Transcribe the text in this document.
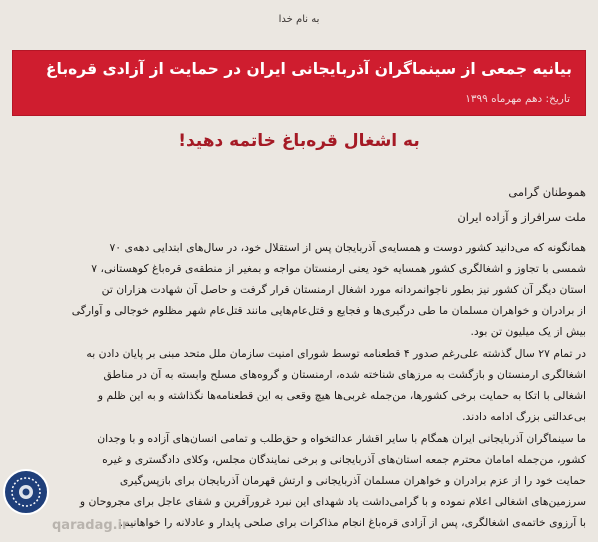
به نام خدا
بیانیه جمعی از سینماگران آذربایجانی ایران در حمایت از آزادی قره‌باغ
تاریخ: دهم مهرماه ۱۳۹۹
به اشغال قره‌باغ خاتمه دهید!
هموطنان گرامی
ملت سرافراز و آزاده ایران
همانگونه که می‌دانید کشور دوست و همسایه‌ی آذربایجان پس از استقلال خود، در سال‌های ابتدایی دهه‌ی ۷۰
شمسی با تجاوز و اشغالگری کشور همسایه خود یعنی ارمنستان مواجه و بمغیر از منطقه‌ی قره‌باغ کوهستانی، ۷
استان دیگر آن کشور نیز بطور ناجوانمردانه مورد اشغال ارمنستان قرار گرفت و حاصل آن شهادت هزاران تن
از برادران و خواهران مسلمان ما طی درگیری‌ها و فجایع و قتل‌عام‌هایی مانند قتل‌عام شهر مظلوم خوجالی و آوارگی
بیش از یک میلیون تن بود.
در تمام ۲۷ سال گذشته علی‌رغم صدور ۴ قطعنامه توسط شورای امنیت سازمان ملل متحد مبنی بر پایان دادن به
اشغالگری ارمنستان و بازگشت به مرزهای شناخته شده، ارمنستان و گروه‌های مسلح وابسته به آن در مناطق
اشغالی با اتکا به حمایت برخی کشورها، من‌جمله غربی‌ها هیچ وقعی به این قطعنامه‌ها نگذاشته و به این ظلم و
بی‌عدالتی بزرگ ادامه دادند.
ما سینماگران آذربایجانی ایران همگام با سایر اقشار عدالتخواه و حق‌طلب و تمامی انسان‌های آزاده و با وجدان
کشور، من‌جمله امامان محترم جمعه استان‌های آذربایجانی و برخی نمایندگان مجلس، وکلای دادگستری و غیره
حمایت خود را از عزم برادران و خواهران مسلمان آذربایجانی و ارتش قهرمان آذربایجان برای بازپس‌گیری
سرزمین‌های اشغالی اعلام نموده و با گرامی‌داشت یاد شهدای این نبرد غرورآفرین و شفای عاجل برای مجروحان و
با آرزوی خاتمه‌ی اشغالگری، پس از آزادی قره‌باغ انجام مذاکرات برای صلحی پایدار و عادلانه را خواهانیم.
qaradag.ir
